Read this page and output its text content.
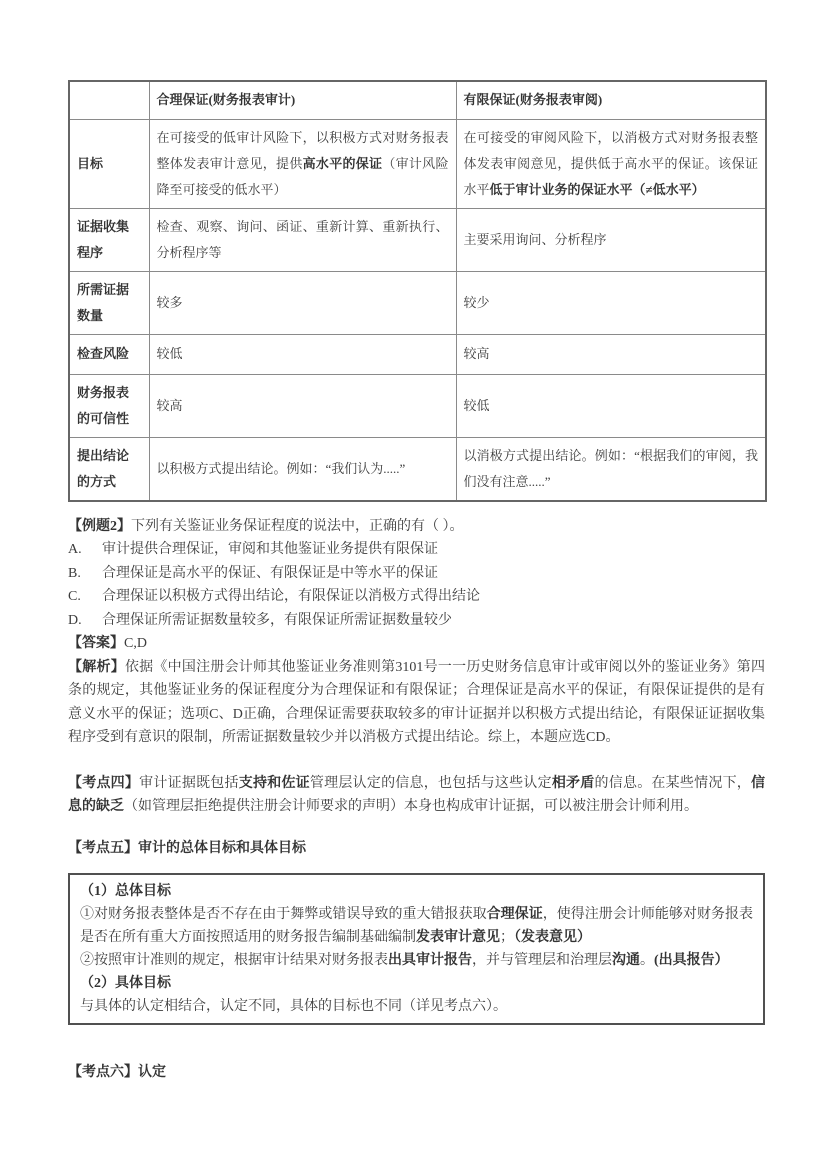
	合理保证(财务报表审计)	有限保证(财务报表审阅)
目标	在可接受的低审计风险下，以积极方式对财务报表整体发表审计意见，提供高水平的保证（审计风险降至可接受的低水平）	在可接受的审阅风险下，以消极方式对财务报表整体发表审阅意见，提供低于高水平的保证。该保证水平低于审计业务的保证水平（≠低水平）
证据收集程序	检查、观察、询问、函证、重新计算、重新执行、分析程序等	主要采用询问、分析程序
所需证据数量	较多	较少
检查风险	较低	较高
财务报表的可信性	较高	较低
提出结论的方式	以积极方式提出结论。例如：“我们认为.....”	以消极方式提出结论。例如：“根据我们的审阅，我们没有注意.....”
【例题2】下列有关鉴证业务保证程度的说法中，正确的有（ ）。
A.	审计提供合理保证，审阅和其他鉴证业务提供有限保证
B.	合理保证是高水平的保证、有限保证是中等水平的保证
C.	合理保证以积极方式得出结论，有限保证以消极方式得出结论
D.	合理保证所需证据数量较多，有限保证所需证据数量较少
【答案】C,D
【解析】依据《中国注册会计师其他鉴证业务准则第3101号一一历史财务信息审计或审阅以外的鉴证业务》第四条的规定，其他鉴证业务的保证程度分为合理保证和有限保证；合理保证是高水平的保证，有限保证提供的是有意义水平的保证；选项C、D正确，合理保证需要获取较多的审计证据并以积极方式提出结论，有限保证证据收集程序受到有意识的限制，所需证据数量较少并以消极方式提出结论。综上，本题应选CD。
【考点四】审计证据既包括支持和佐证管理层认定的信息，也包括与这些认定相矛盾的信息。在某些情况下，信息的缺乏（如管理层拒绝提供注册会计师要求的声明）本身也构成审计证据，可以被注册会计师利用。
【考点五】审计的总体目标和具体目标
（1）总体目标
①对财务报表整体是否不存在由于舞弊或错误导致的重大错报获取合理保证，使得注册会计师能够对财务报表是否在所有重大方面按照适用的财务报告编制基础编制发表审计意见；（发表意见）
②按照审计准则的规定，根据审计结果对财务报表出具审计报告，并与管理层和治理层沟通。(出具报告）
（2）具体目标
与具体的认定相结合，认定不同，具体的目标也不同（详见考点六）。
【考点六】认定
